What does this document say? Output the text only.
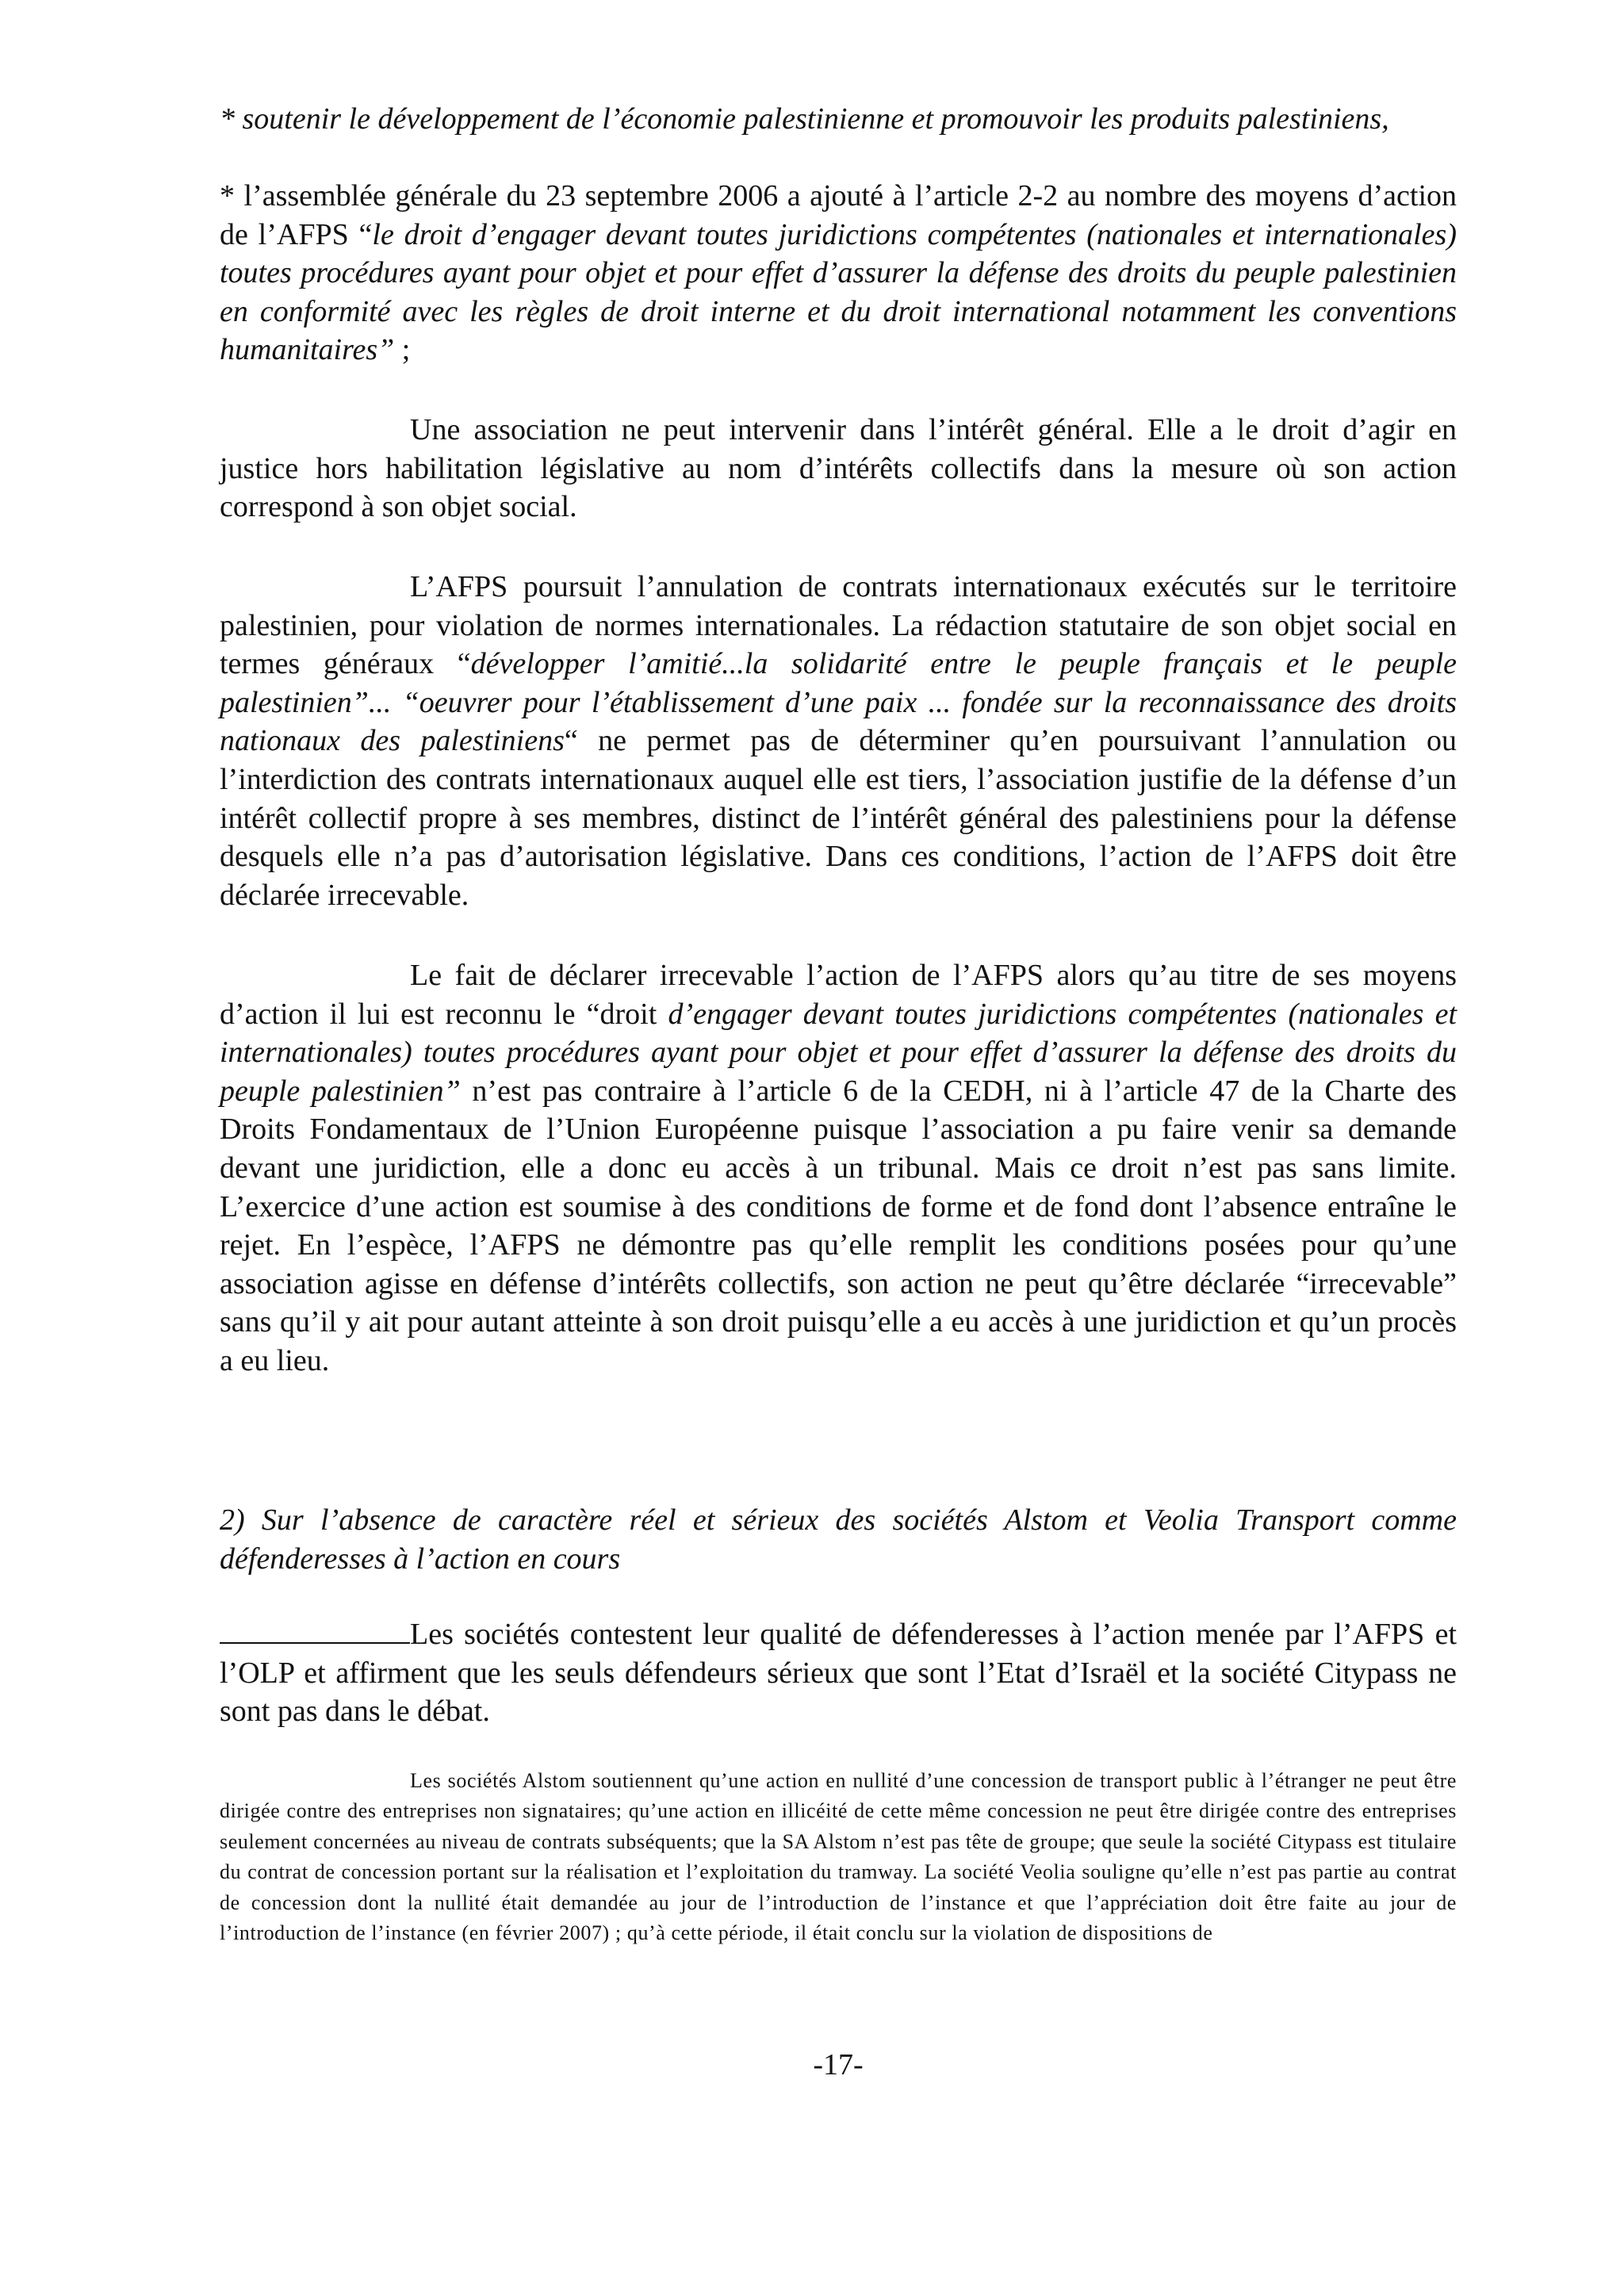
* soutenir le développement de l’économie palestinienne et promouvoir les produits palestiniens,

* l’assemblée générale du 23 septembre 2006 a ajouté à l’article 2-2 au nombre des moyens d’action de l’AFPS “le droit d’engager devant toutes juridictions compétentes (nationales et internationales) toutes procédures ayant pour objet et pour effet d’assurer la défense des droits du peuple palestinien en conformité avec les règles de droit interne et du droit international notamment les conventions humanitaires” ;

Une association ne peut intervenir dans l’intérêt général. Elle a le droit d’agir en justice hors habilitation législative au nom d’intérêts collectifs dans la mesure où son action correspond à son objet social.

L’AFPS poursuit l’annulation de contrats internationaux exécutés sur le territoire palestinien, pour violation de normes internationales. La rédaction statutaire de son objet social en termes généraux “développer l’amitié...la solidarité entre le peuple français et le peuple palestinien”... “oeuvrer pour l’établissement d’une paix ... fondée sur la reconnaissance des droits nationaux des palestiniens“ ne permet pas de déterminer qu’en poursuivant l’annulation ou l’interdiction des contrats internationaux auquel elle est tiers, l’association justifie de la défense d’un intérêt collectif propre à ses membres, distinct de l’intérêt général des palestiniens pour la défense desquels elle n’a pas d’autorisation législative. Dans ces conditions, l’action de l’AFPS doit être déclarée irrecevable.

Le fait de déclarer irrecevable l’action de l’AFPS alors qu’au titre de ses moyens d’action il lui est reconnu le “droit d’engager devant toutes juridictions compétentes (nationales et internationales) toutes procédures ayant pour objet et pour effet d’assurer la défense des droits du peuple palestinien” n’est pas contraire à l’article 6 de la CEDH, ni à l’article 47 de la Charte des Droits Fondamentaux de l’Union Européenne puisque l’association a pu faire venir sa demande devant une juridiction, elle a donc eu accès à un tribunal. Mais ce droit n’est pas sans limite. L’exercice d’une action est soumise à des conditions de forme et de fond dont l’absence entraîne le rejet. En l’espèce, l’AFPS ne démontre pas qu’elle remplit les conditions posées pour qu’une association agisse en défense d’intérêts collectifs, son action ne peut qu’être déclarée “irrecevable” sans qu’il y ait pour autant atteinte à son droit puisqu’elle a eu accès à une juridiction et qu’un procès a eu lieu.

2) Sur l’absence de caractère réel et sérieux des sociétés Alstom et Veolia Transport comme défenderesses à l’action en cours

Les sociétés contestent leur qualité de défenderesses à l’action menée par l’AFPS et l’OLP et affirment que les seuls défendeurs sérieux que sont l’Etat d’Israël et la société Citypass ne sont pas dans le débat.

Les sociétés Alstom soutiennent qu’une action en nullité d’une concession de transport public à l’étranger ne peut être dirigée contre des entreprises non signataires; qu’une action en illicéité de cette même concession ne peut être dirigée contre des entreprises seulement concernées au niveau de contrats subséquents; que la SA Alstom n’est pas tête de groupe; que seule la société Citypass est titulaire du contrat de concession portant sur la réalisation et l’exploitation du tramway. La société Veolia souligne qu’elle n’est pas partie au contrat de concession dont la nullité était demandée au jour de l’introduction de l’instance et que l’appréciation doit être faite au jour de l’introduction de l’instance (en février 2007) ; qu’à cette période, il était conclu sur la violation de dispositions de

-17-
